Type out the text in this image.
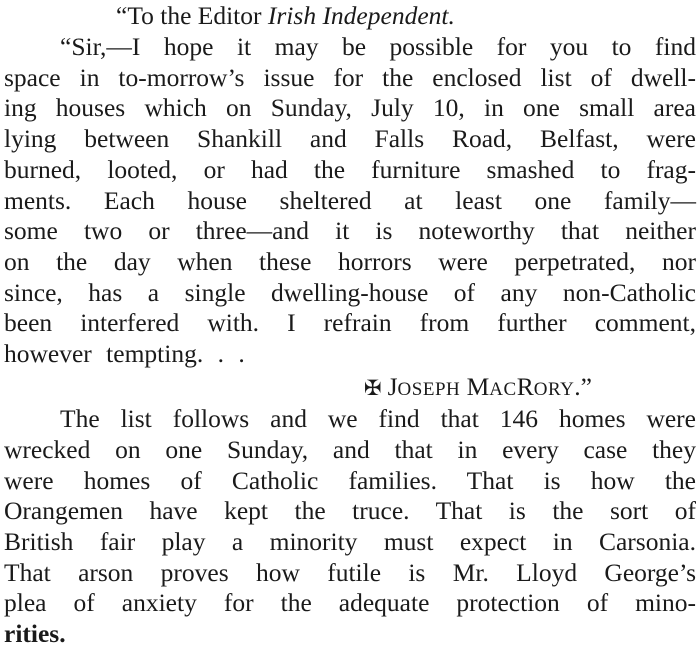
“To the Editor Irish Independent.
“Sir,—I hope it may be possible for you to find
space in to-morrow’s issue for the enclosed list of dwell-
ing houses which on Sunday, July 10, in one small area
lying between Shankill and Falls Road, Belfast, were
burned, looted, or had the furniture smashed to frag-
ments. Each house sheltered at least one family—
some two or three—and it is noteworthy that neither
on the day when these horrors were perpetrated, nor
since, has a single dwelling-house of any non-Catholic
been interfered with. I refrain from further comment,
however tempting. . .
✠ JOSEPH MACRORY.”
The list follows and we find that 146 homes were
wrecked on one Sunday, and that in every case they
were homes of Catholic families. That is how the
Orangemen have kept the truce. That is the sort of
British fair play a minority must expect in Carsonia.
That arson proves how futile is Mr. Lloyd George’s
plea of anxiety for the adequate protection of mino-
rities.
